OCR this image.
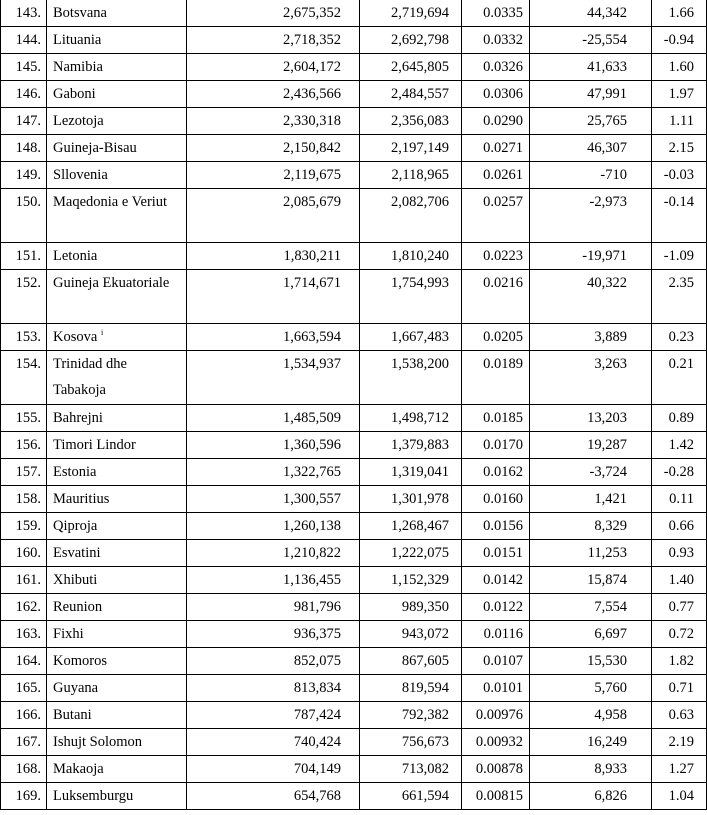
143.	Botsvana	2,675,352	2,719,694	0.0335	44,342	1.66
144.	Lituania	2,718,352	2,692,798	0.0332	-25,554	-0.94
145.	Namibia	2,604,172	2,645,805	0.0326	41,633	1.60
146.	Gaboni	2,436,566	2,484,557	0.0306	47,991	1.97
147.	Lezotoja	2,330,318	2,356,083	0.0290	25,765	1.11
148.	Guineja-Bisau	2,150,842	2,197,149	0.0271	46,307	2.15
149.	Sllovenia	2,119,675	2,118,965	0.0261	-710	-0.03
150.	Maqedonia e Veriut	2,085,679	2,082,706	0.0257	-2,973	-0.14
151.	Letonia	1,830,211	1,810,240	0.0223	-19,971	-1.09
152.	Guineja Ekuatoriale	1,714,671	1,754,993	0.0216	40,322	2.35
153.	Kosova $^i$	1,663,594	1,667,483	0.0205	3,889	0.23
154.	Trinidad dhe Tabakoja	1,534,937	1,538,200	0.0189	3,263	0.21
155.	Bahrejni	1,485,509	1,498,712	0.0185	13,203	0.89
156.	Timori Lindor	1,360,596	1,379,883	0.0170	19,287	1.42
157.	Estonia	1,322,765	1,319,041	0.0162	-3,724	-0.28
158.	Mauritius	1,300,557	1,301,978	0.0160	1,421	0.11
159.	Qiproja	1,260,138	1,268,467	0.0156	8,329	0.66
160.	Esvatini	1,210,822	1,222,075	0.0151	11,253	0.93
161.	Xhibuti	1,136,455	1,152,329	0.0142	15,874	1.40
162.	Reunion	981,796	989,350	0.0122	7,554	0.77
163.	Fixhi	936,375	943,072	0.0116	6,697	0.72
164.	Komoros	852,075	867,605	0.0107	15,530	1.82
165.	Guyana	813,834	819,594	0.0101	5,760	0.71
166.	Butani	787,424	792,382	0.00976	4,958	0.63
167.	Ishujt Solomon	740,424	756,673	0.00932	16,249	2.19
168.	Makaoja	704,149	713,082	0.00878	8,933	1.27
169.	Luksemburgu	654,768	661,594	0.00815	6,826	1.04
